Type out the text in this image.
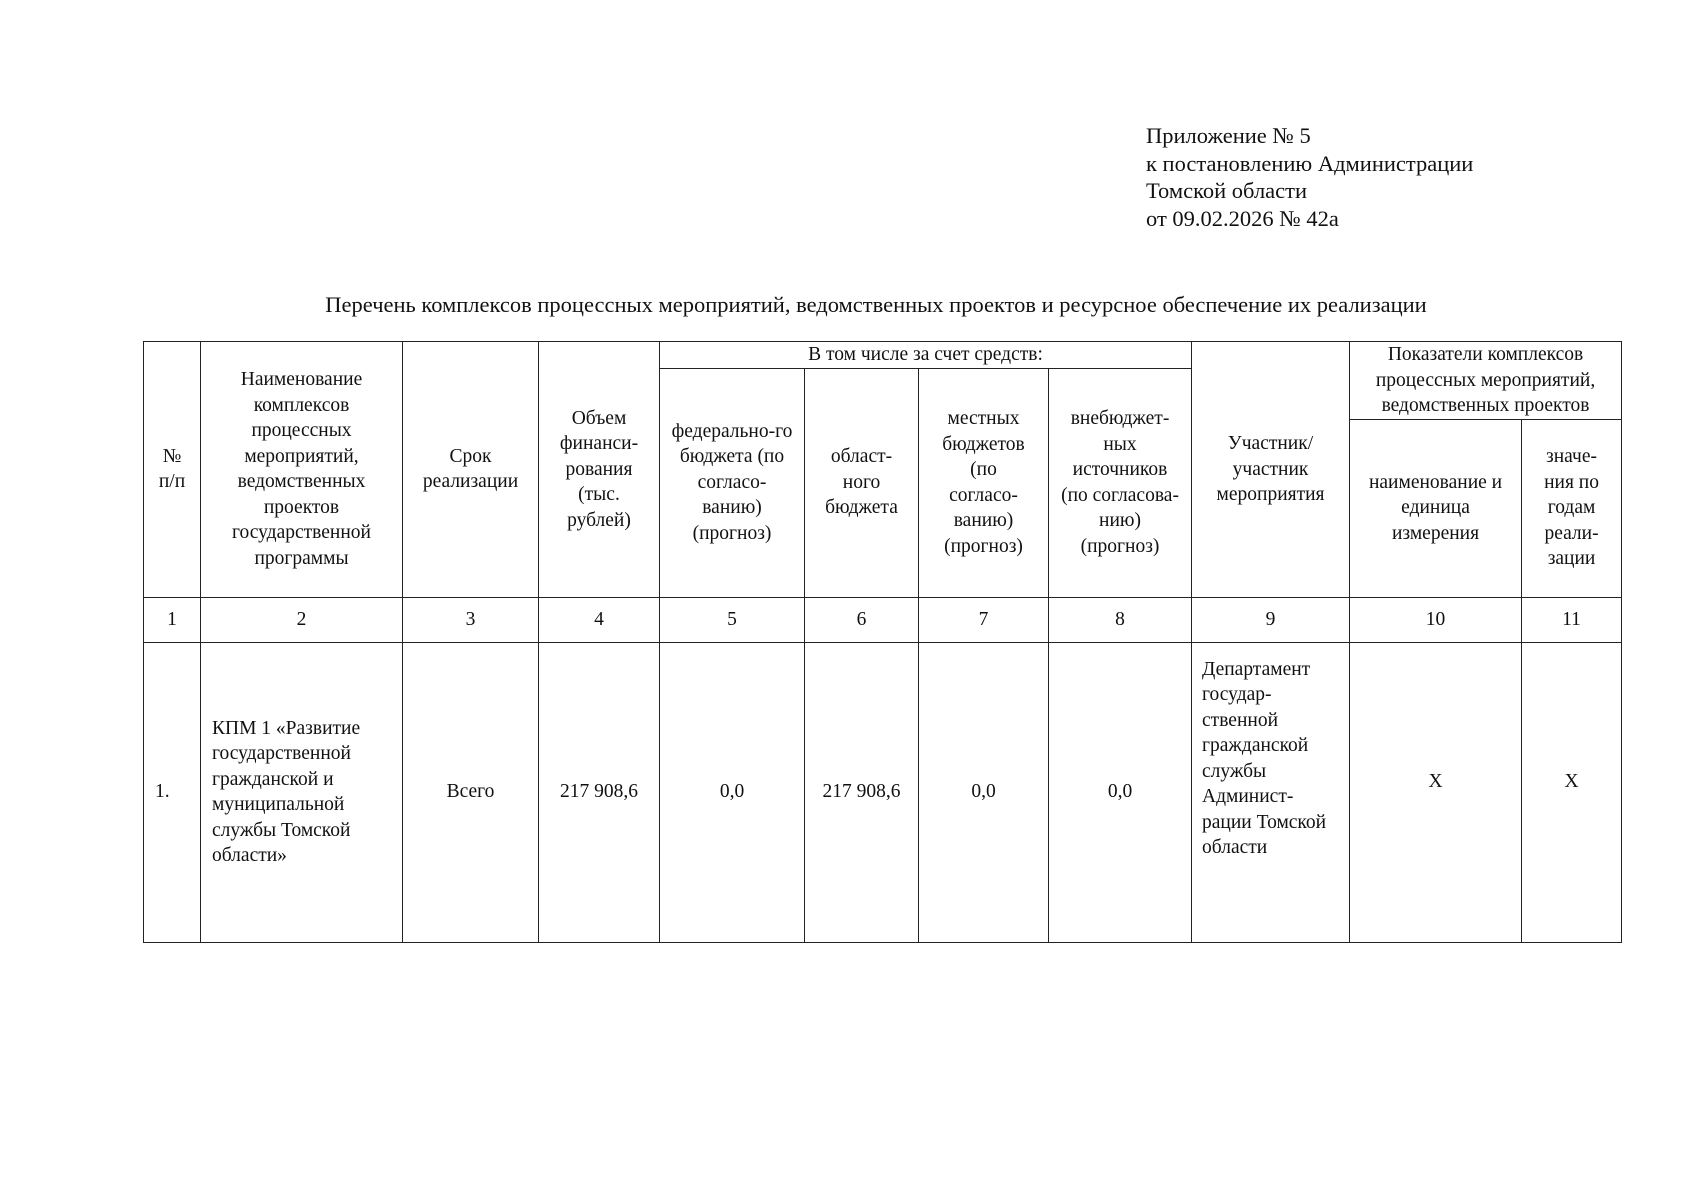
Приложение № 5
к постановлению Администрации
Томской области
от 09.02.2026 № 42а
Перечень комплексов процессных мероприятий, ведомственных проектов и ресурсное обеспечение их реализации
№ п/п	Наименование комплексов процессных мероприятий, ведомственных проектов государственной программы	Срок реализации	Объем финанси-рования (тыс. рублей)	В том числе за счет средств:				Участник/ участник мероприятия	Показатели комплексов процессных мероприятий, ведомственных проектов	
				федерально-го бюджета (по согласо-ванию) (прогноз)	област-ного бюджета	местных бюджетов (по согласо-ванию) (прогноз)	внебюджет-ных источников (по согласова-нию) (прогноз)			
									наименование и единица измерения	значе-ния по годам реали-зации
1	2	3	4	5	6	7	8	9	10	11
1.	КПМ 1 «Развитие государственной гражданской и муниципальной службы Томской области»	Всего	217 908,6	0,0	217 908,6	0,0	0,0	Департамент государ-ственной гражданской службы Админист-рации Томской области	Х	Х
